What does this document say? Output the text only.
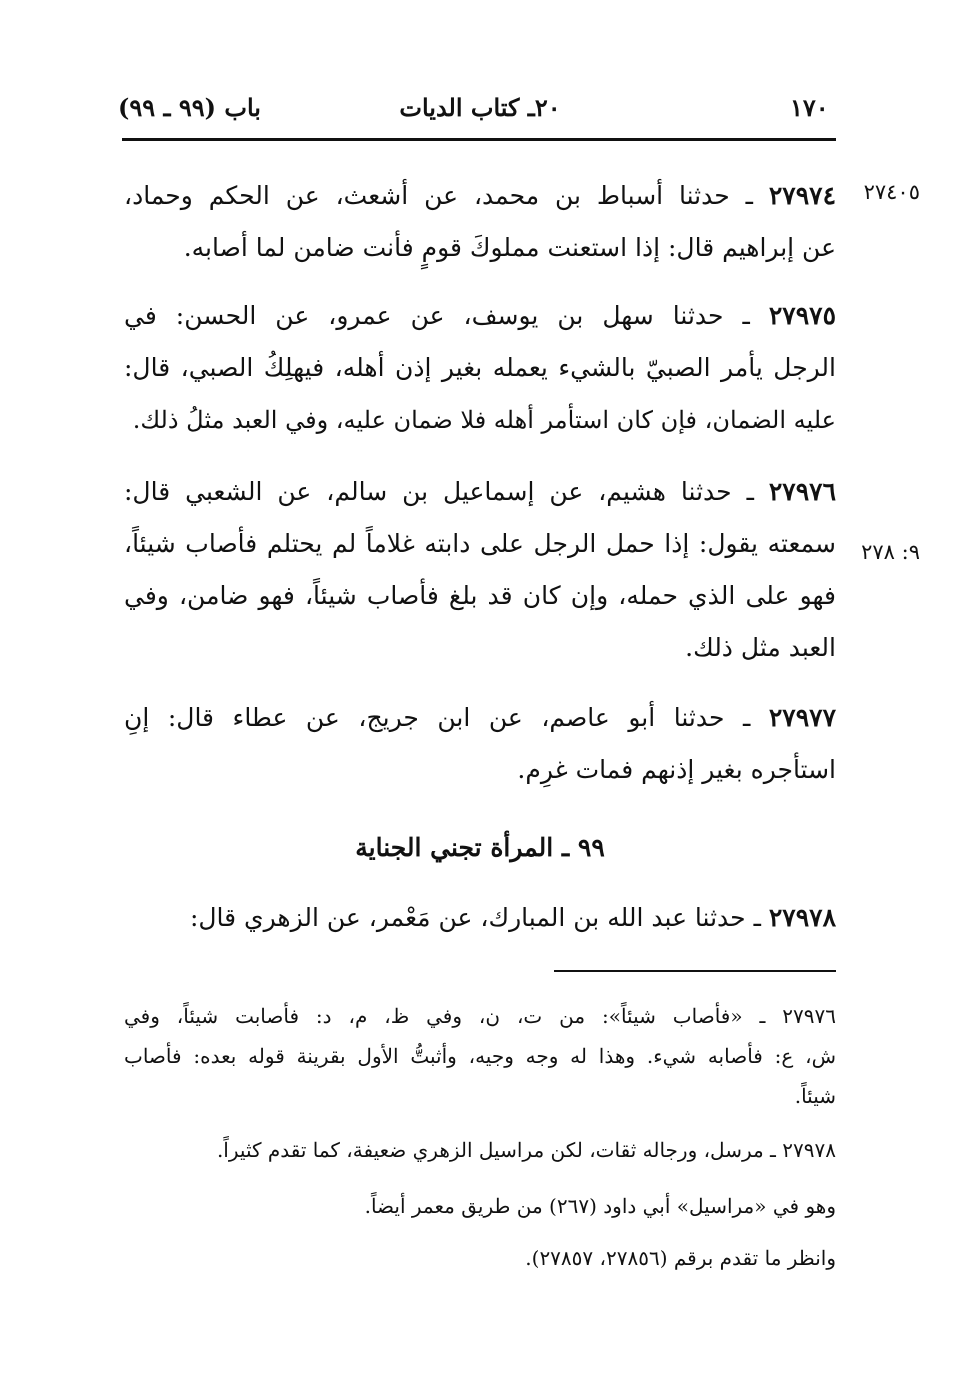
١٧٠
٢٠ـ كتاب الديات
باب (٩٩ ـ ٩٩)
٢٧٤٠٥
٩: ٢٧٨
٢٧٩٧٤ ـ حدثنا أسباط بن محمد، عن أشعث، عن الحكم وحماد،
عن إبراهيم قال: إذا استعنت مملوكَ قومٍ فأنت ضامن لما أصابه.
٢٧٩٧٥ ـ حدثنا سهل بن يوسف، عن عمرو، عن الحسن: في
الرجل يأمر الصبيّ بالشيء يعمله بغير إذن أهله، فيهلِكُ الصبي، قال:
عليه الضمان، فإن كان استأمر أهله فلا ضمان عليه، وفي العبد مثلُ ذلك.
٢٧٩٧٦ ـ حدثنا هشيم، عن إسماعيل بن سالم، عن الشعبي قال:
سمعته يقول: إذا حمل الرجل على دابته غلاماً لم يحتلم فأصاب شيئاً،
فهو على الذي حمله، وإن كان قد بلغ فأصاب شيئاً، فهو ضامن، وفي
العبد مثل ذلك.
٢٧٩٧٧ ـ حدثنا أبو عاصم، عن ابن جريج، عن عطاء قال: إنِ
استأجره بغير إذنهم فمات غرِم.
٩٩ ـ المرأة تجني الجناية
٢٧٩٧٨ ـ حدثنا عبد الله بن المبارك، عن مَعْمر، عن الزهري قال:
٢٧٩٧٦ ـ «فأصاب شيئاً»: من ت، ن، وفي ظ، م، د: فأصابت شيئاً، وفي
ش، ع: فأصابه شيء. وهذا له وجه وجيه، وأثبتُّ الأول بقرينة قوله بعده: فأصاب
شيئاً.
٢٧٩٧٨ ـ مرسل، ورجاله ثقات، لكن مراسيل الزهري ضعيفة، كما تقدم كثيراً.
وهو في «مراسيل» أبي داود (٢٦٧) من طريق معمر أيضاً.
وانظر ما تقدم برقم (٢٧٨٥٦، ٢٧٨٥٧).
